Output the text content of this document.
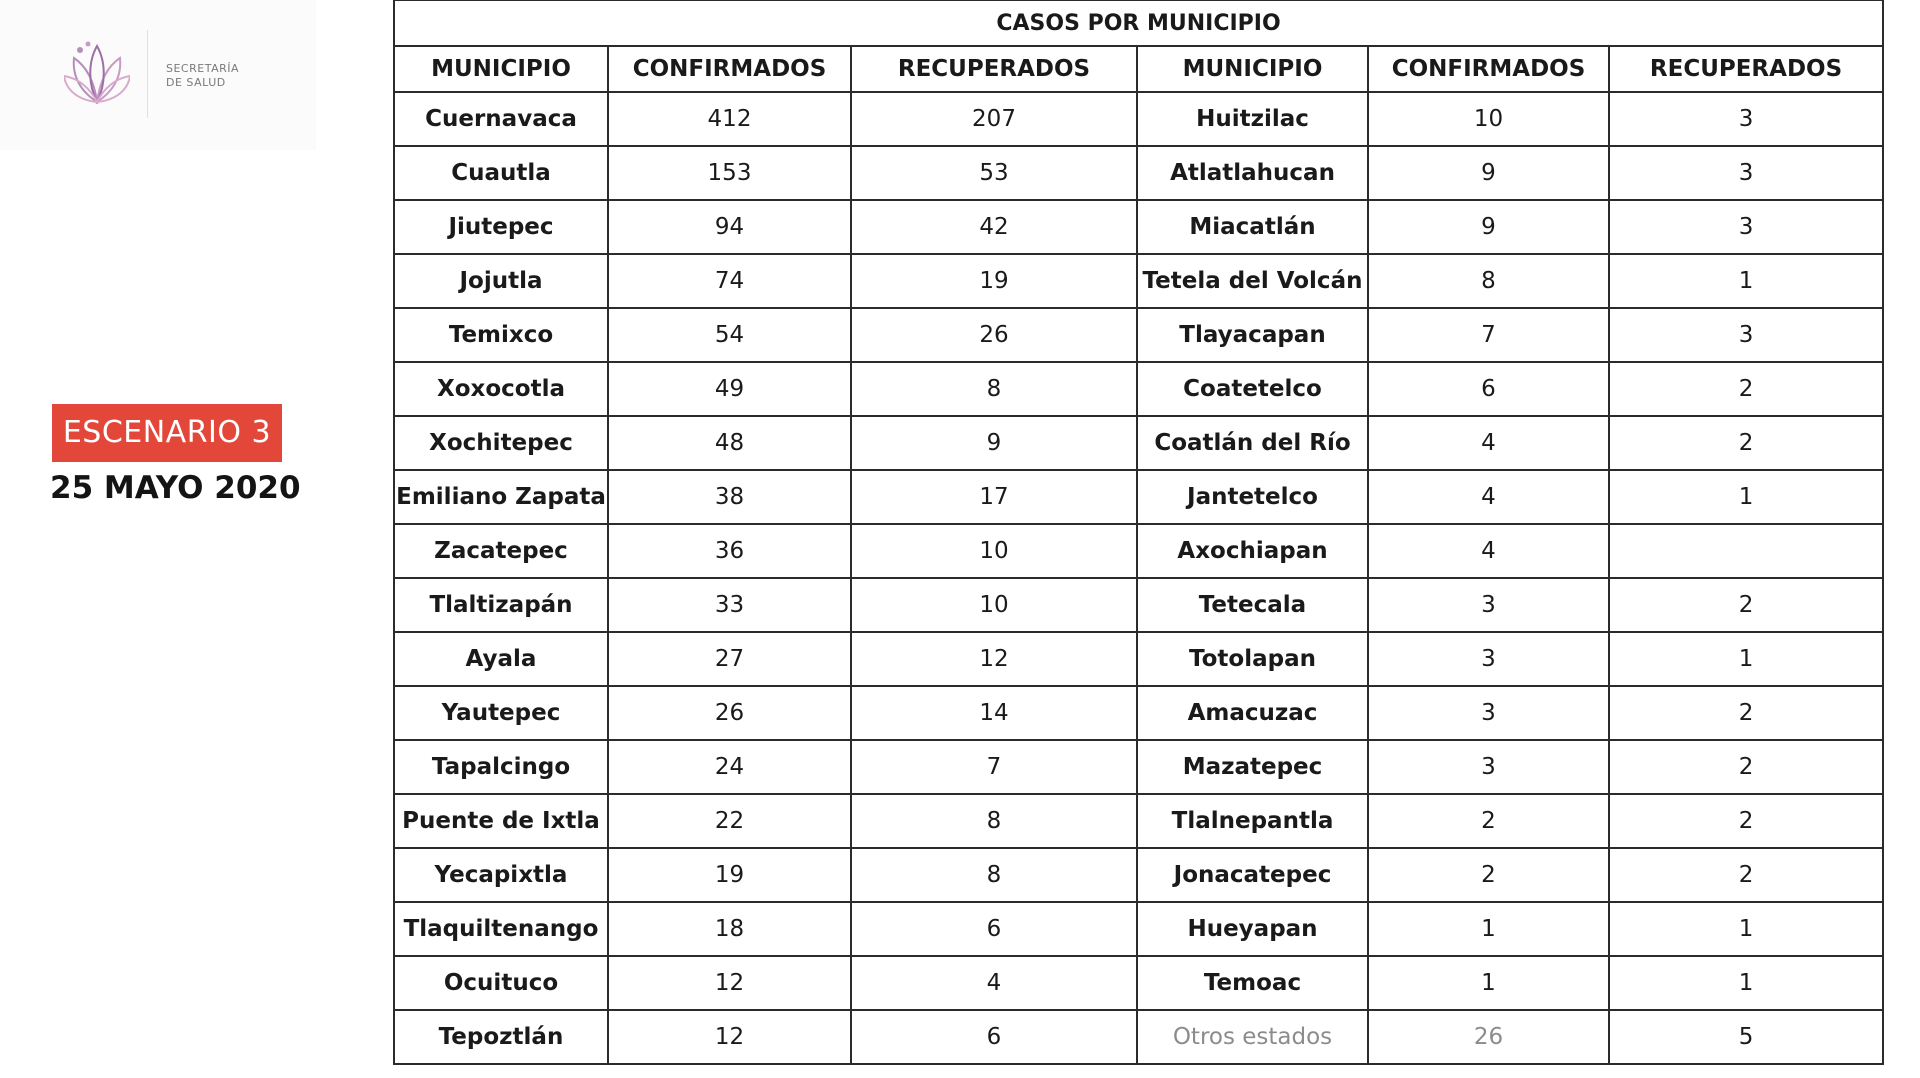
SECRETARÍA
DE SALUD
ESCENARIO 3
25 MAYO 2020
CASOS POR MUNICIPIO					
MUNICIPIO	CONFIRMADOS	RECUPERADOS	MUNICIPIO	CONFIRMADOS	RECUPERADOS
Cuernavaca	412	207	Huitzilac	10	3
Cuautla	153	53	Atlatlahucan	9	3
Jiutepec	94	42	Miacatlán	9	3
Jojutla	74	19	Tetela del Volcán	8	1
Temixco	54	26	Tlayacapan	7	3
Xoxocotla	49	8	Coatetelco	6	2
Xochitepec	48	9	Coatlán del Río	4	2
Emiliano Zapata	38	17	Jantetelco	4	1
Zacatepec	36	10	Axochiapan	4	
Tlaltizapán	33	10	Tetecala	3	2
Ayala	27	12	Totolapan	3	1
Yautepec	26	14	Amacuzac	3	2
Tapalcingo	24	7	Mazatepec	3	2
Puente de Ixtla	22	8	Tlalnepantla	2	2
Yecapixtla	19	8	Jonacatepec	2	2
Tlaquiltenango	18	6	Hueyapan	1	1
Ocuituco	12	4	Temoac	1	1
Tepoztlán	12	6	Otros estados	26	5
